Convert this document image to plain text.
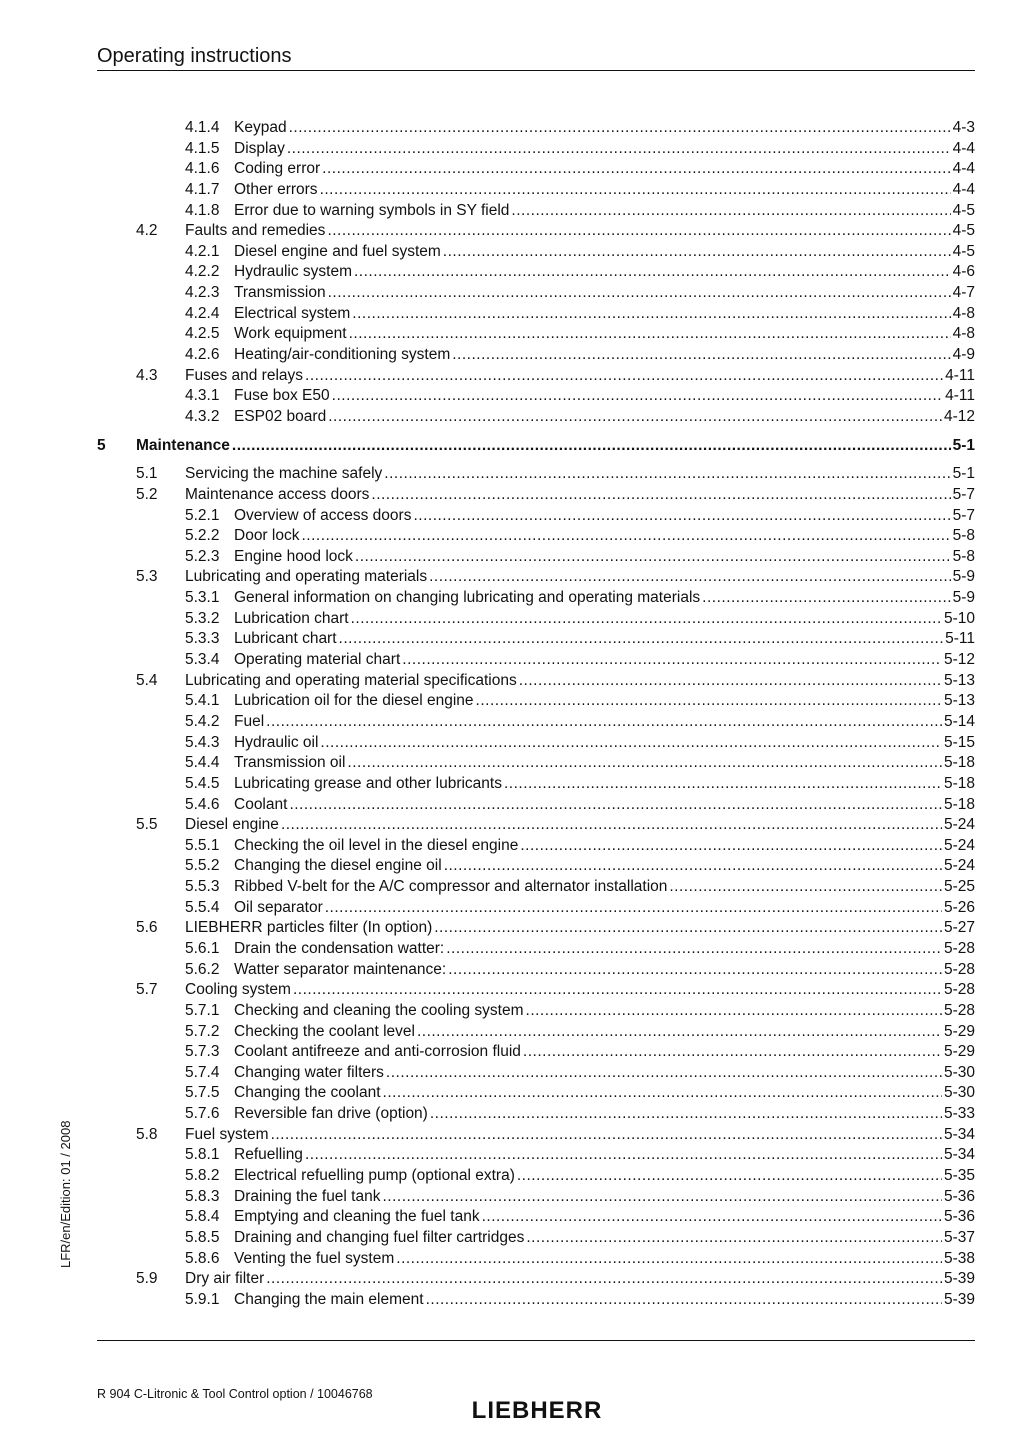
Operating instructions
4.1.4 Keypad .....	4-3
4.1.5 Display .....	4-4
4.1.6 Coding error .....	4-4
4.1.7 Other errors .....	4-4
4.1.8 Error due to warning symbols in SY field .....	4-5
4.2 Faults and remedies .....	4-5
4.2.1 Diesel engine and fuel system .....	4-5
4.2.2 Hydraulic system .....	4-6
4.2.3 Transmission .....	4-7
4.2.4 Electrical system .....	4-8
4.2.5 Work equipment .....	4-8
4.2.6 Heating/air-conditioning system .....	4-9
4.3 Fuses and relays .....	4-11
4.3.1 Fuse box E50 .....	4-11
4.3.2 ESP02 board .....	4-12
5 Maintenance .....	5-1
5.1 Servicing the machine safely .....	5-1
5.2 Maintenance access doors .....	5-7
5.2.1 Overview of access doors .....	5-7
5.2.2 Door lock .....	5-8
5.2.3 Engine hood lock .....	5-8
5.3 Lubricating and operating materials .....	5-9
5.3.1 General information on changing lubricating and operating materials .....	5-9
5.3.2 Lubrication chart .....	5-10
5.3.3 Lubricant chart .....	5-11
5.3.4 Operating material chart .....	5-12
5.4 Lubricating and operating material specifications .....	5-13
5.4.1 Lubrication oil for the diesel engine .....	5-13
5.4.2 Fuel .....	5-14
5.4.3 Hydraulic oil .....	5-15
5.4.4 Transmission oil .....	5-18
5.4.5 Lubricating grease and other lubricants .....	5-18
5.4.6 Coolant .....	5-18
5.5 Diesel engine .....	5-24
5.5.1 Checking the oil level in the diesel engine .....	5-24
5.5.2 Changing the diesel engine oil .....	5-24
5.5.3 Ribbed V-belt for the A/C compressor and alternator installation .....	5-25
5.5.4 Oil separator .....	5-26
5.6 LIEBHERR particles filter (In option) .....	5-27
5.6.1 Drain the condensation watter: .....	5-28
5.6.2 Watter separator maintenance: .....	5-28
5.7 Cooling system .....	5-28
5.7.1 Checking and cleaning the cooling system .....	5-28
5.7.2 Checking the coolant level .....	5-29
5.7.3 Coolant antifreeze and anti-corrosion fluid .....	5-29
5.7.4 Changing water filters .....	5-30
5.7.5 Changing the coolant .....	5-30
5.7.6 Reversible fan drive (option) .....	5-33
5.8 Fuel system .....	5-34
5.8.1 Refuelling .....	5-34
5.8.2 Electrical refuelling pump (optional extra) .....	5-35
5.8.3 Draining the fuel tank .....	5-36
5.8.4 Emptying and cleaning the fuel tank .....	5-36
5.8.5 Draining and changing fuel filter cartridges .....	5-37
5.8.6 Venting the fuel system .....	5-38
5.9 Dry air filter .....	5-39
5.9.1 Changing the main element .....	5-39
LFR/en/Edition: 01 / 2008
R 904 C-Litronic & Tool Control option / 10046768
LIEBHERR
